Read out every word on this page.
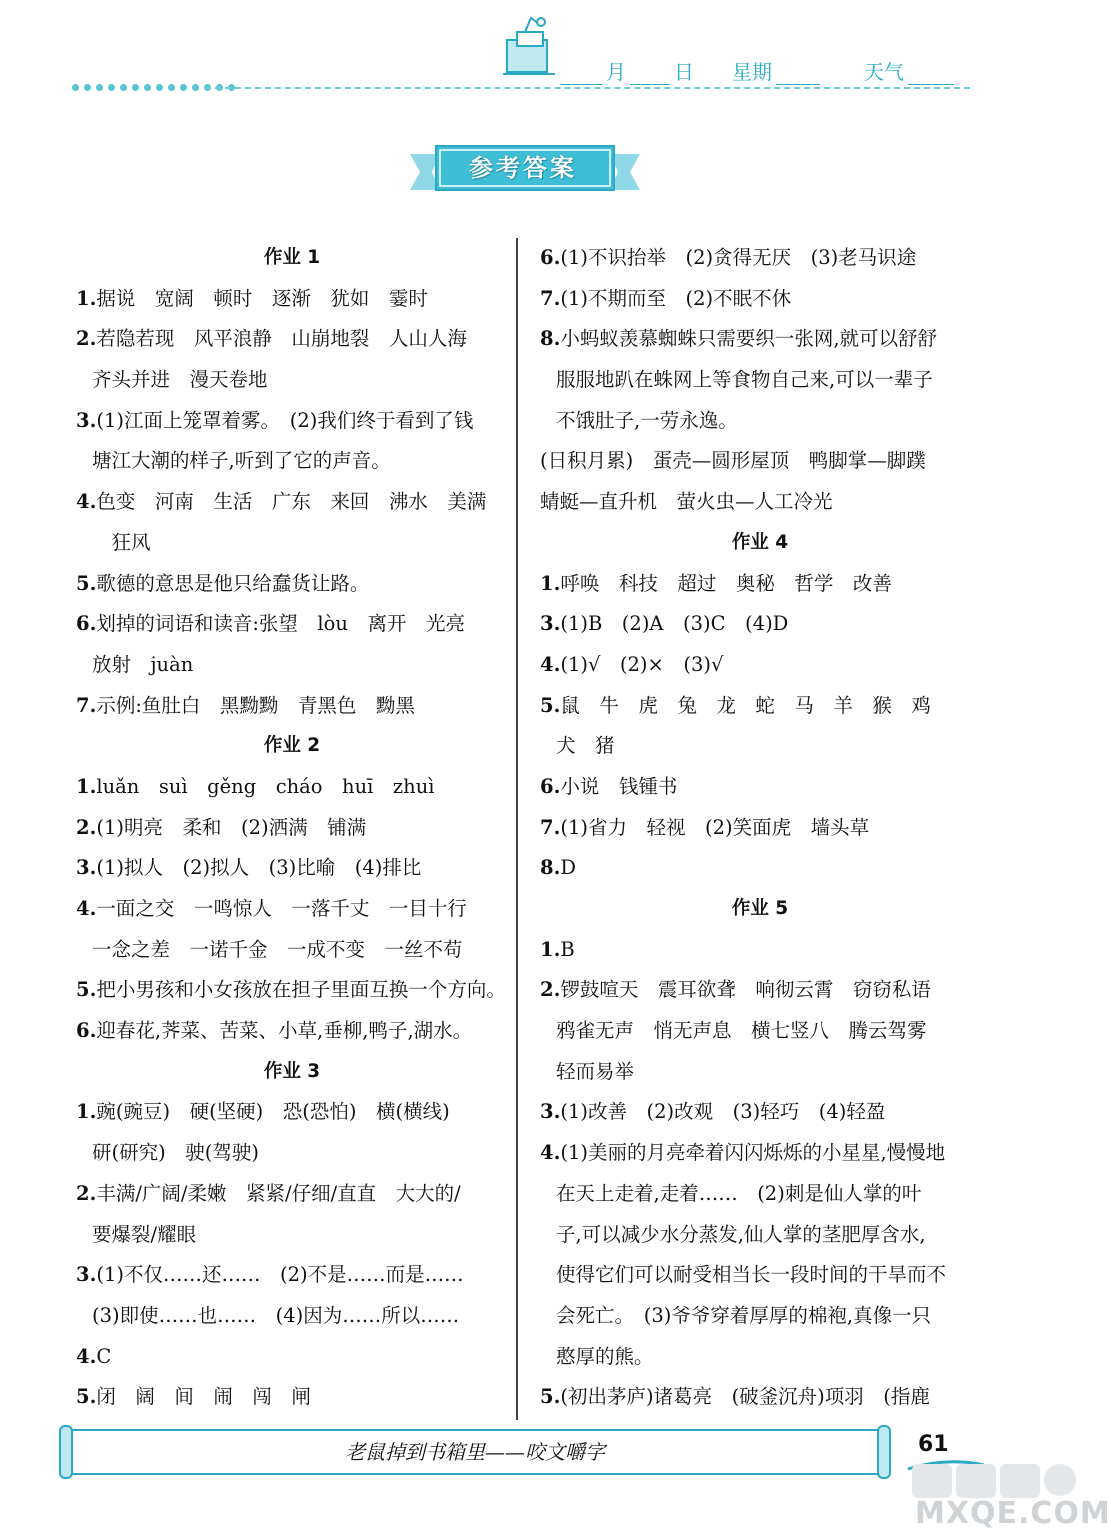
月 日 星期	天气
参考答案
作业 1
1.据说　宽阔　顿时　逐渐　犹如　霎时
2.若隐若现　风平浪静　山崩地裂　人山人海
齐头并进　漫天卷地
3.(1)江面上笼罩着雾。　(2)我们终于看到了钱
塘江大潮的样子,听到了它的声音。
4.色变　河南　生活　广东　来回　沸水　美满
　狂风
5.歌德的意思是他只给蠢货让路。
6.划掉的词语和读音:张望　lòu　离开　光亮
放射　juàn
7.示例:鱼肚白　黑黝黝　青黑色　黝黑
作业 2
1.luǎn　suì　gěng　cháo　huī　zhuì
2.(1)明亮　柔和　(2)洒满　铺满
3.(1)拟人　(2)拟人　(3)比喻　(4)排比
4.一面之交　一鸣惊人　一落千丈　一目十行
一念之差　一诺千金　一成不变　一丝不苟
5.把小男孩和小女孩放在担子里面互换一个方向。
6.迎春花,荠菜、苦菜、小草,垂柳,鸭子,湖水。
作业 3
1.豌(豌豆)　硬(坚硬)　恐(恐怕)　横(横线)
研(研究)　驶(驾驶)
2.丰满/广阔/柔嫩　紧紧/仔细/直直　大大的/
要爆裂/耀眼
3.(1)不仅……还……　(2)不是……而是……
(3)即使……也……　(4)因为……所以……
4.C
5.闭　阔　间　闹　闯　闸
6.(1)不识抬举　(2)贪得无厌　(3)老马识途
7.(1)不期而至　(2)不眠不休
8.小蚂蚁羡慕蜘蛛只需要织一张网,就可以舒舒
服服地趴在蛛网上等食物自己来,可以一辈子
不饿肚子,一劳永逸。
(日积月累)　蛋壳—圆形屋顶　鸭脚掌—脚蹼
蜻蜓—直升机　萤火虫—人工冷光
作业 4
1.呼唤　科技　超过　奥秘　哲学　改善
3.(1)B　(2)A　(3)C　(4)D
4.(1)√　(2)×　(3)√
5.鼠　牛　虎　兔　龙　蛇　马　羊　猴　鸡
犬　猪
6.小说　钱锺书
7.(1)省力　轻视　(2)笑面虎　墙头草
8.D
作业 5
1.B
2.锣鼓喧天　震耳欲聋　响彻云霄　窃窃私语
鸦雀无声　悄无声息　横七竖八　腾云驾雾
轻而易举
3.(1)改善　(2)改观　(3)轻巧　(4)轻盈
4.(1)美丽的月亮牵着闪闪烁烁的小星星,慢慢地
在天上走着,走着……　(2)刺是仙人掌的叶
子,可以减少水分蒸发,仙人掌的茎肥厚含水,
使得它们可以耐受相当长一段时间的干旱而不
会死亡。　(3)爷爷穿着厚厚的棉袍,真像一只
憨厚的熊。
5.(初出茅庐)诸葛亮　(破釜沉舟)项羽　(指鹿
老鼠掉到书箱里——咬文嚼字	61
MXQE.COM
